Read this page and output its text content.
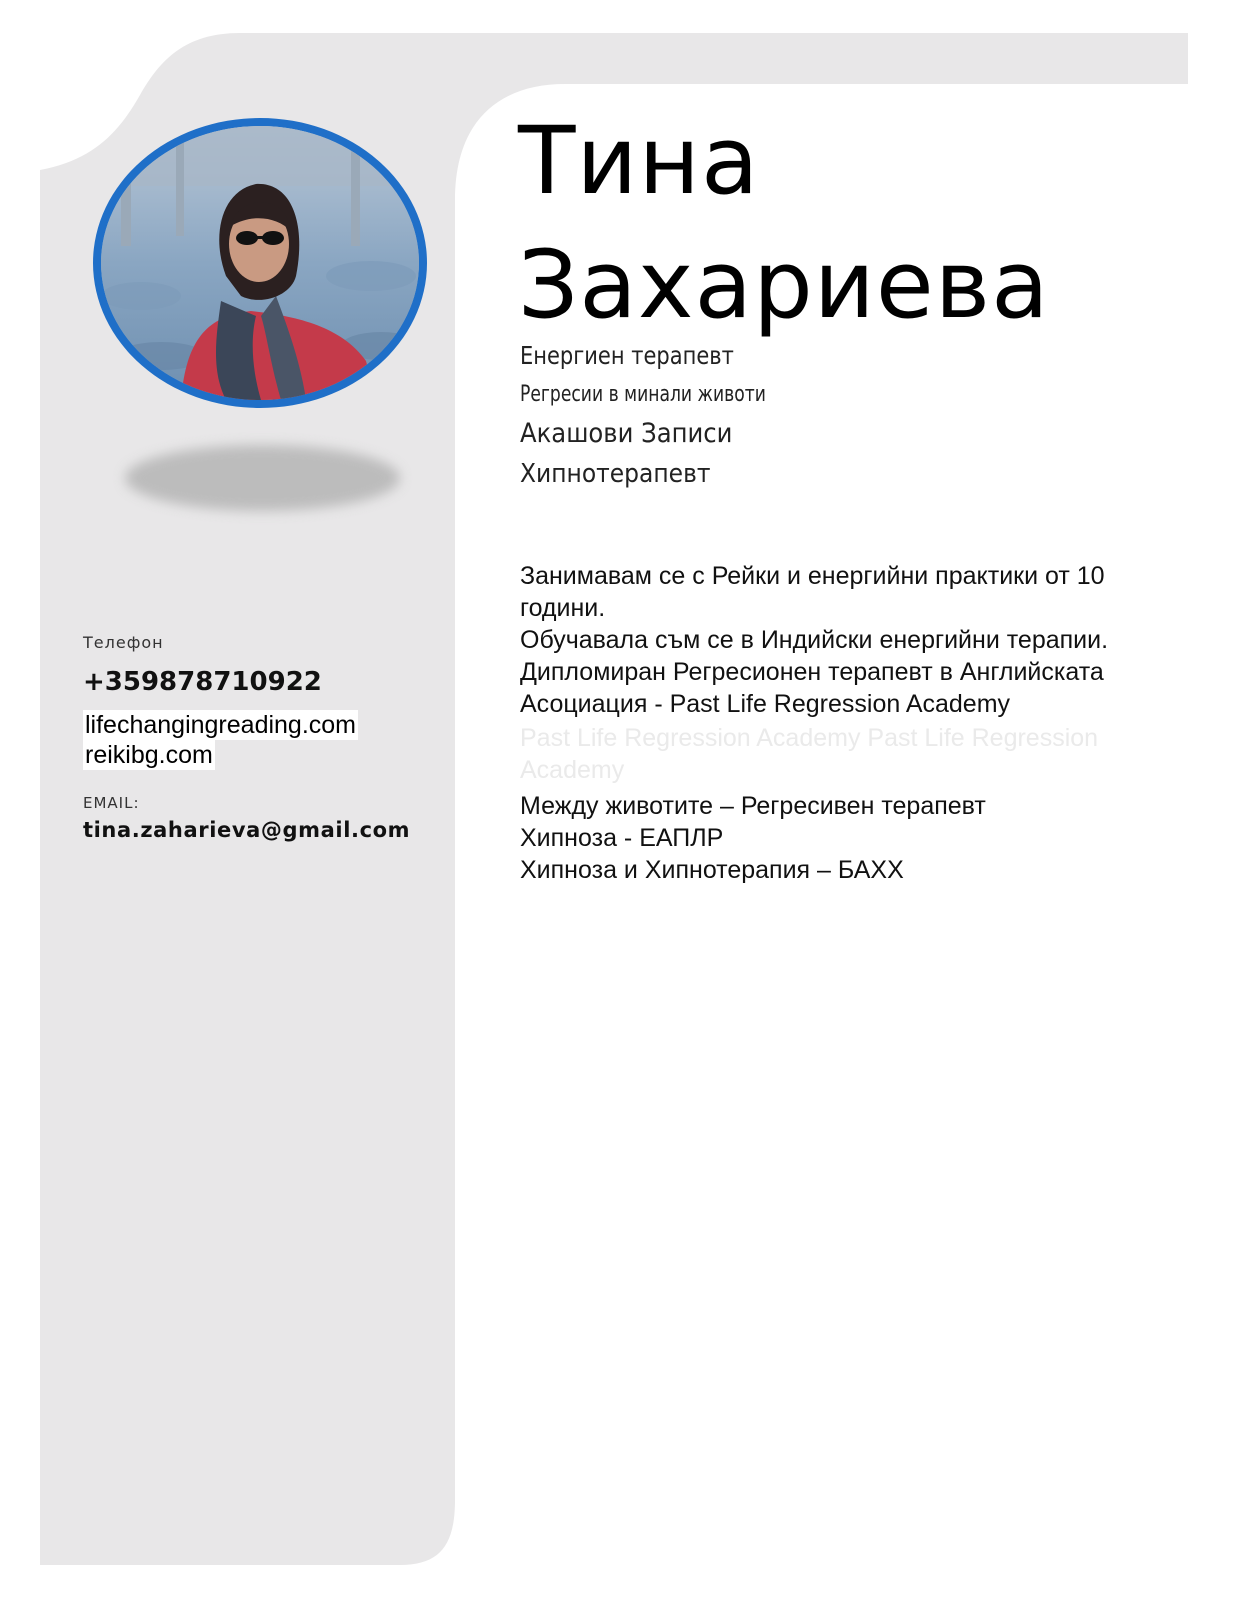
Тина
Захариева
Енергиен терапевт
Регресии в минали животи
Акашови Записи
Хипнотерапевт

Занимавам се с Рейки и енергийни практики от 10 години.

Обучавала съм се в Индийски енергийни терапии.

Дипломиран Регресионен терапевт в Английската Асоциация - Past Life Regression Academy

Past Life Regression Academy Past Life Regression Academy

Между животите – Регресивен терапевт

Хипноза - ЕАПЛР

Хипноза и Хипнотерапия – БАХХ

Телефон
+359878710922
lifechangingreading.com
reikibg.com
EMAIL:
tina.zaharieva@gmail.com
